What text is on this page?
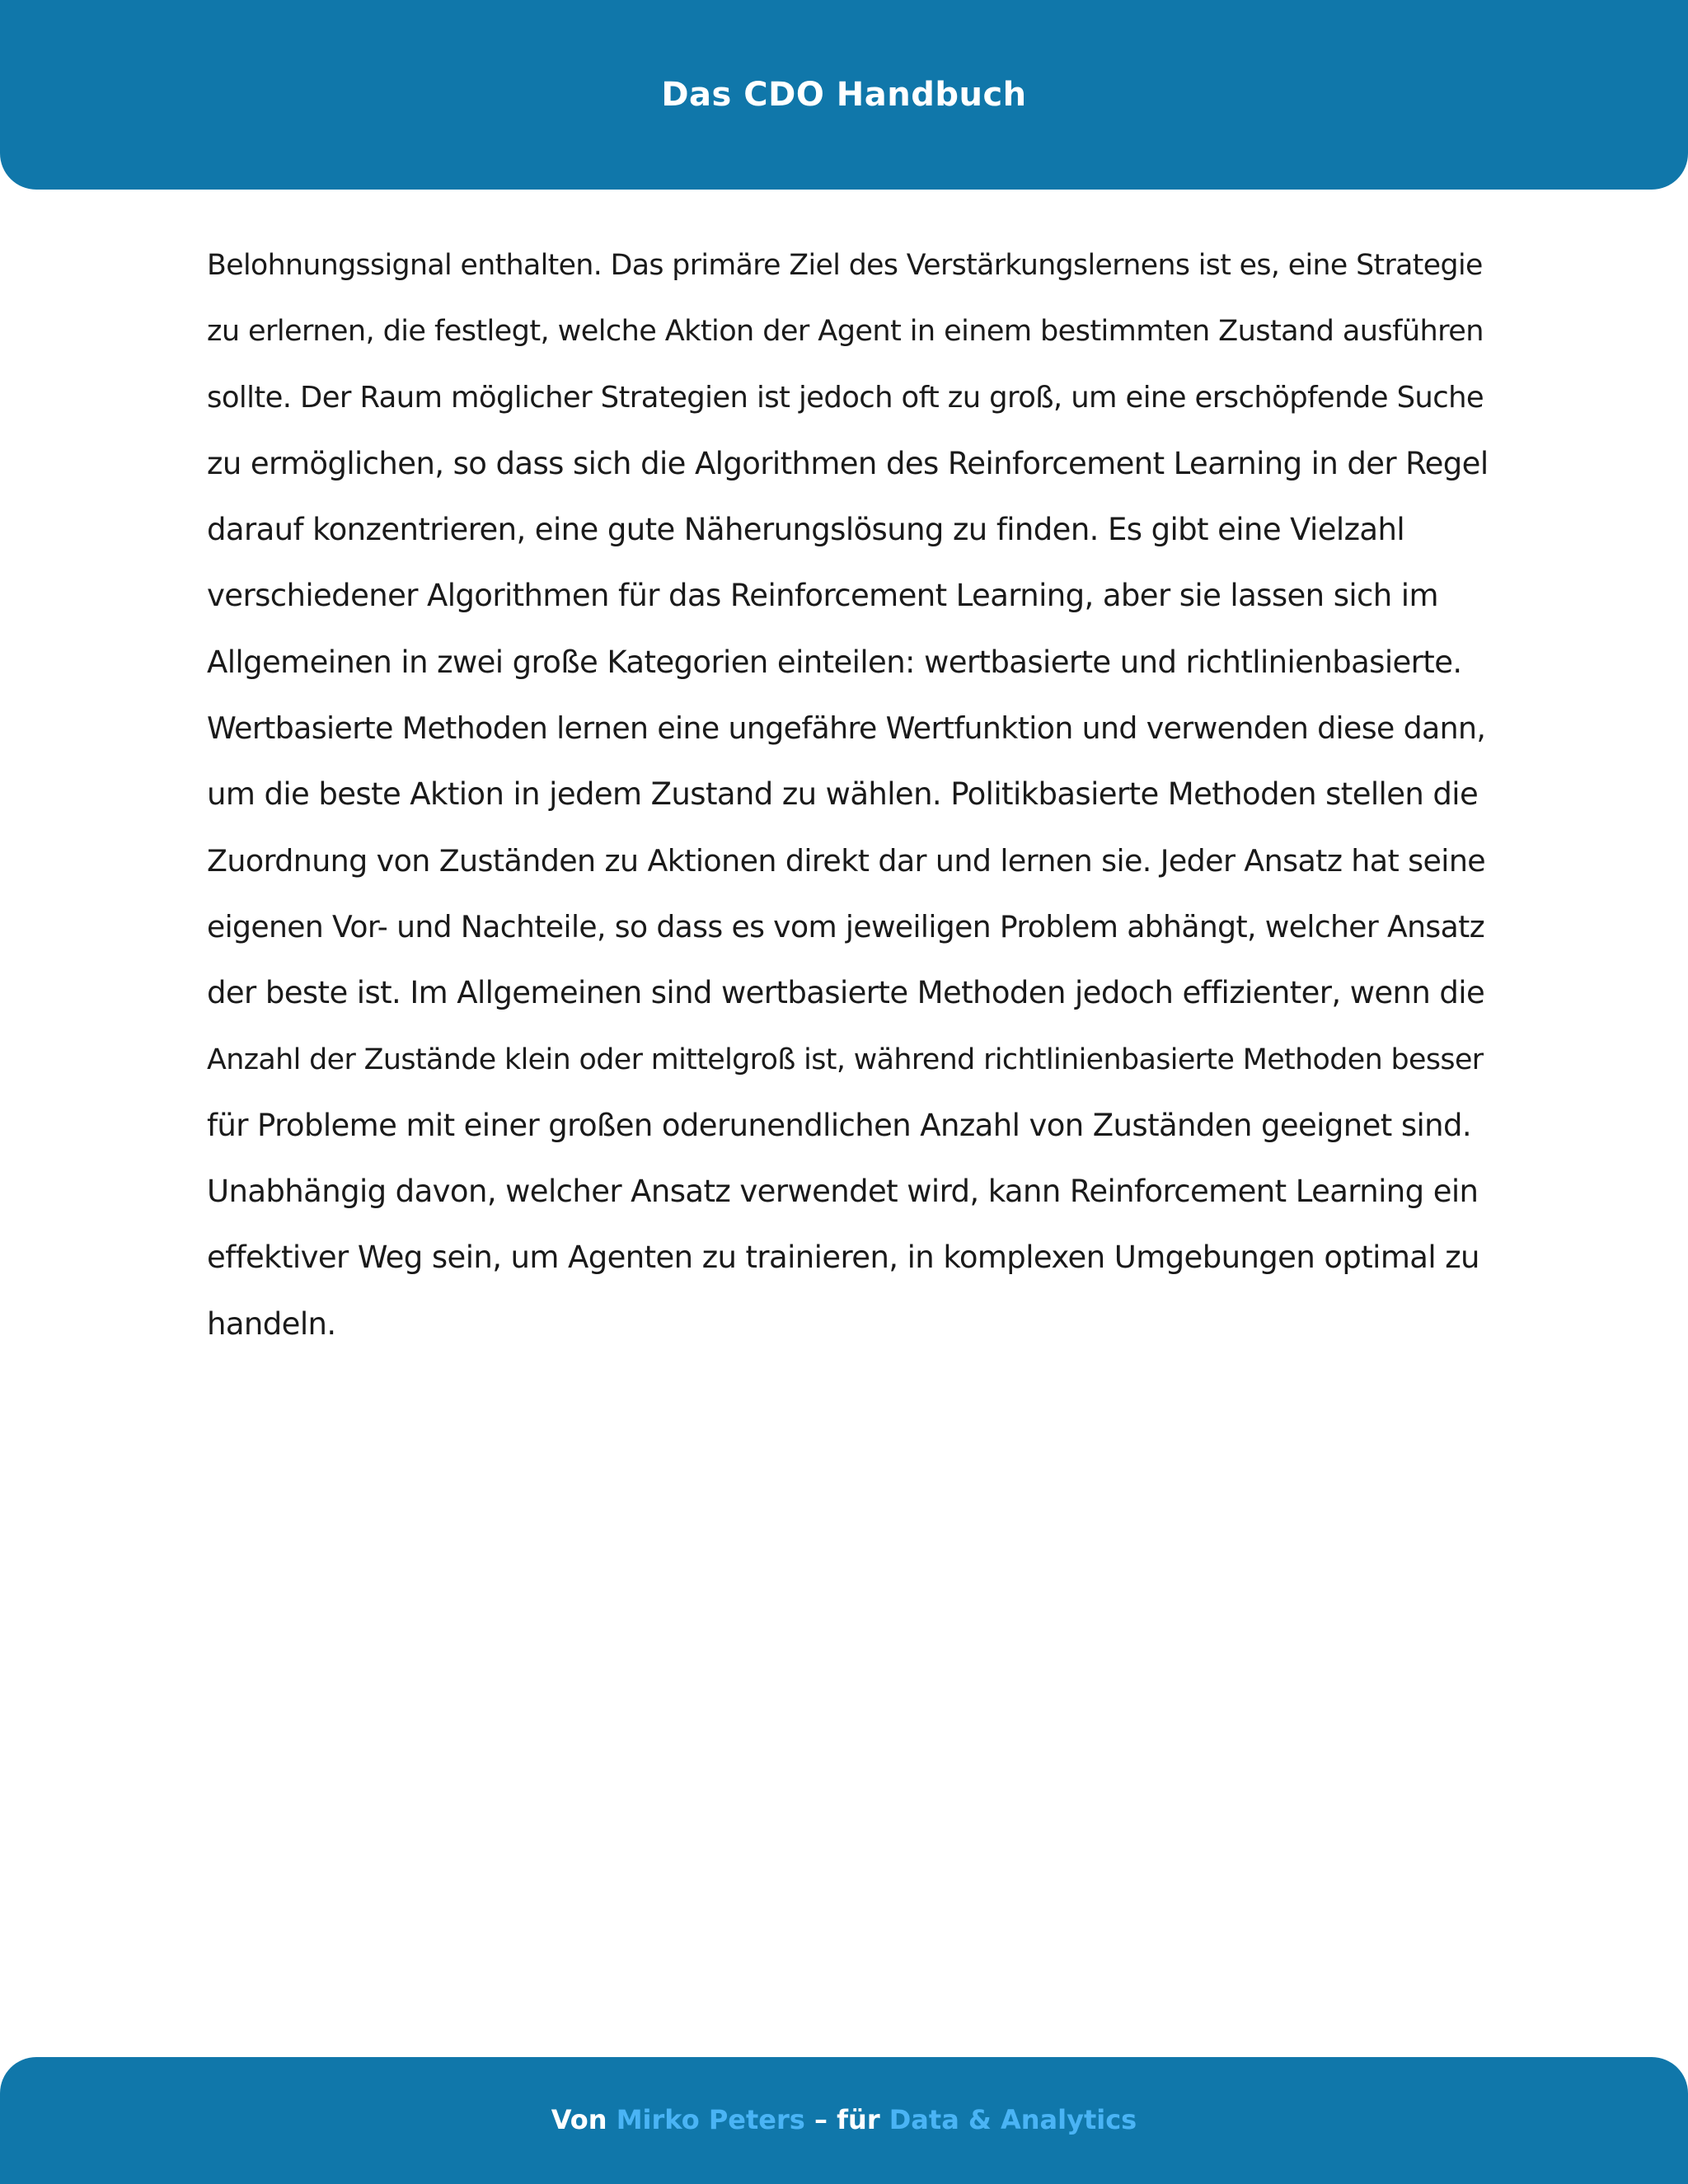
Das CDO Handbuch
Belohnungssignal enthalten. Das primäre Ziel des Verstärkungslernens ist es, eine Strategie
zu erlernen, die festlegt, welche Aktion der Agent in einem bestimmten Zustand ausführen
sollte. Der Raum möglicher Strategien ist jedoch oft zu groß, um eine erschöpfende Suche
zu ermöglichen, so dass sich die Algorithmen des Reinforcement Learning in der Regel
darauf konzentrieren, eine gute Näherungslösung zu finden. Es gibt eine Vielzahl
verschiedener Algorithmen für das Reinforcement Learning, aber sie lassen sich im
Allgemeinen in zwei große Kategorien einteilen: wertbasierte und richtlinienbasierte.
Wertbasierte Methoden lernen eine ungefähre Wertfunktion und verwenden diese dann,
um die beste Aktion in jedem Zustand zu wählen. Politikbasierte Methoden stellen die
Zuordnung von Zuständen zu Aktionen direkt dar und lernen sie. Jeder Ansatz hat seine
eigenen Vor- und Nachteile, so dass es vom jeweiligen Problem abhängt, welcher Ansatz
der beste ist. Im Allgemeinen sind wertbasierte Methoden jedoch effizienter, wenn die
Anzahl der Zustände klein oder mittelgroß ist, während richtlinienbasierte Methoden besser
für Probleme mit einer großen oderunendlichen Anzahl von Zuständen geeignet sind.
Unabhängig davon, welcher Ansatz verwendet wird, kann Reinforcement Learning ein
effektiver Weg sein, um Agenten zu trainieren, in komplexen Umgebungen optimal zu
handeln.
Von Mirko Peters – für Data & Analytics
